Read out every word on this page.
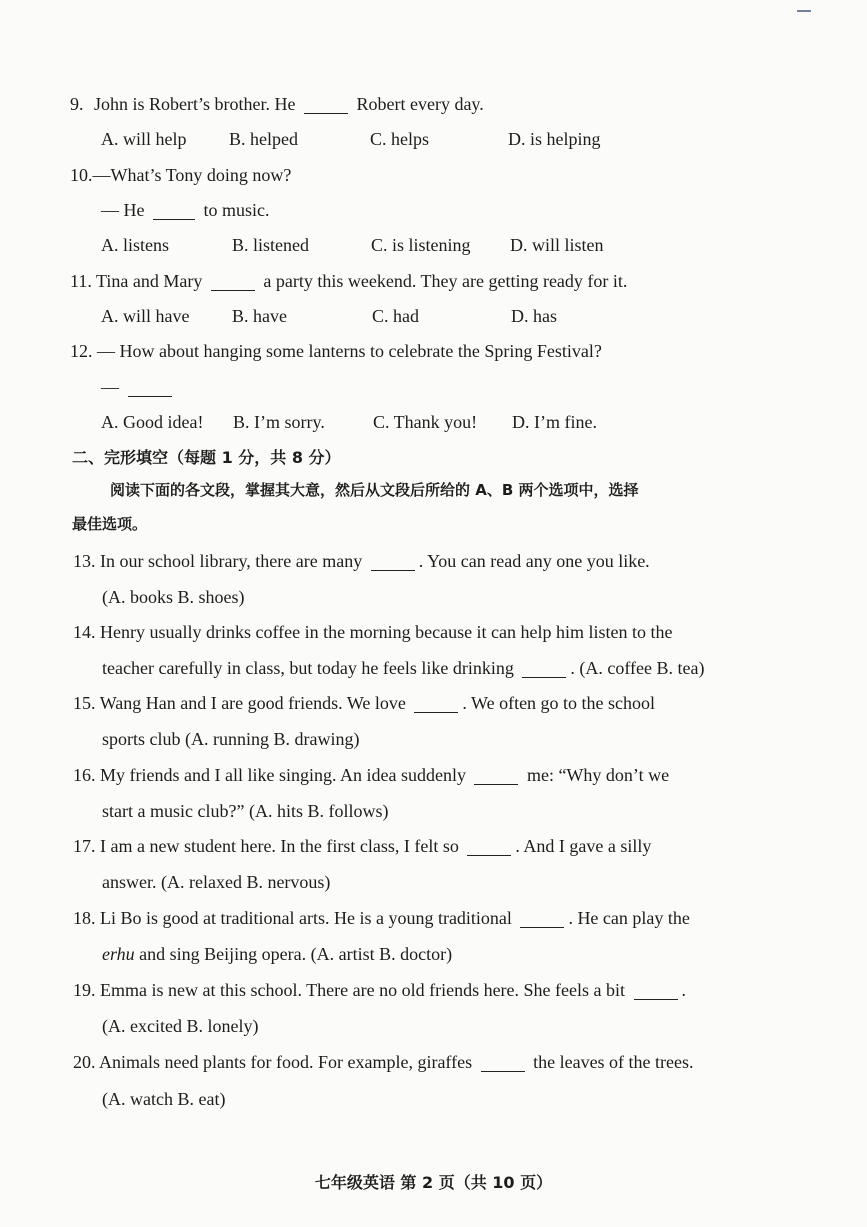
9. John is Robert’s brother. He	Robert every day.
A. will help B. helped	C. helps	D. is helping
10.—What’s Tony doing now?
— He	to music.
A. listens	B. listened	C. is listening D. will listen
11. Tina and Mary	a party this weekend. They are getting ready for it.
A. will have B. have	C. had	D. has
12. — How about hanging some lanterns to celebrate the Spring Festival?
—
A. Good idea! B. I’m sorry.	C. Thank you! D. I’m fine.
二、完形填空（每题 1 分，共 8 分）
阅读下面的各文段，掌握其大意，然后从文段后所给的 A、B 两个选项中，选择
最佳选项。
13. In our school library, there are many	. You can read any one you like.
(A. books B. shoes)
14. Henry usually drinks coffee in the morning because it can help him listen to the
teacher carefully in class, but today he feels like drinking	. (A. coffee B. tea)
15. Wang Han and I are good friends. We love	. We often go to the school
sports club (A. running B. drawing)
16. My friends and I all like singing. An idea suddenly	me: “Why don’t we
start a music club?” (A. hits B. follows)
17. I am a new student here. In the first class, I felt so	. And I gave a silly
answer. (A. relaxed B. nervous)
18. Li Bo is good at traditional arts. He is a young traditional	. He can play the
erhu and sing Beijing opera. (A. artist B. doctor)
19. Emma is new at this school. There are no old friends here. She feels a bit	.
(A. excited B. lonely)
20. Animals need plants for food. For example, giraffes	the leaves of the trees.
(A. watch B. eat)
七年级英语 第 2 页（共 10 页）
